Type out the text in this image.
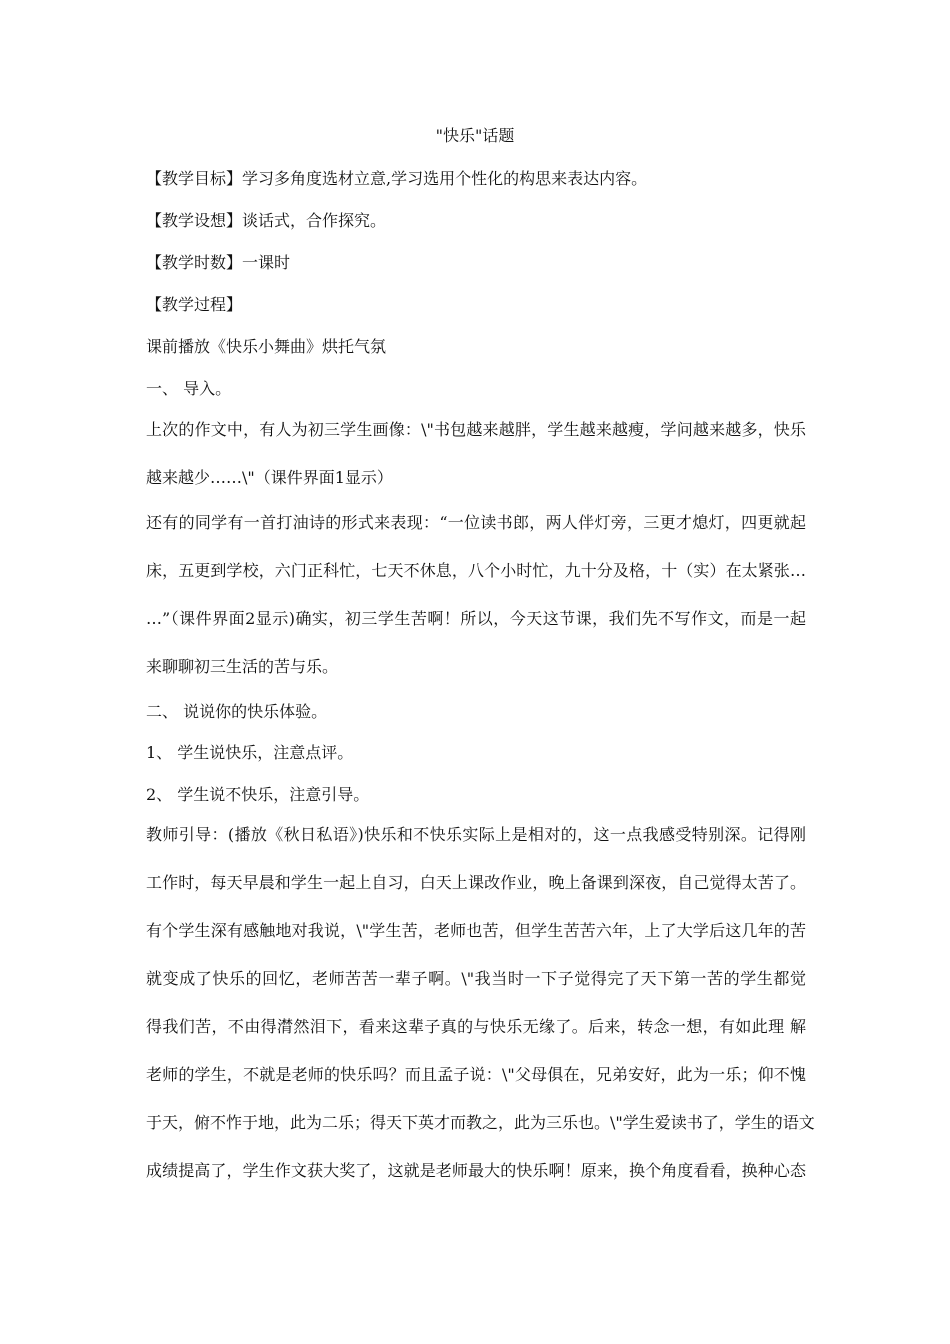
"快乐"话题
【教学目标】学习多角度选材立意,学习选用个性化的构思来表达内容。
【教学设想】谈话式，合作探究。
【教学时数】一课时
【教学过程】
课前播放《快乐小舞曲》烘托气氛
一、 导入。
上次的作文中，有人为初三学生画像：\"书包越来越胖，学生越来越瘦，学问越来越多，快乐
越来越少……\"（课件界面1显示）
还有的同学有一首打油诗的形式来表现：“一位读书郎，两人伴灯旁，三更才熄灯，四更就起
床，五更到学校，六门正科忙，七天不休息，八个小时忙，九十分及格，十（实）在太紧张…
…”（课件界面2显示)确实，初三学生苦啊！所以，今天这节课，我们先不写作文，而是一起
来聊聊初三生活的苦与乐。
二、 说说你的快乐体验。
1、 学生说快乐，注意点评。
2、 学生说不快乐，注意引导。
教师引导：(播放《秋日私语》)快乐和不快乐实际上是相对的，这一点我感受特别深。记得刚
工作时，每天早晨和学生一起上自习，白天上课改作业，晚上备课到深夜，自己觉得太苦了。
有个学生深有感触地对我说，\"学生苦，老师也苦，但学生苦苦六年，上了大学后这几年的苦
就变成了快乐的回忆，老师苦苦一辈子啊。\"我当时一下子觉得完了天下第一苦的学生都觉
得我们苦，不由得潸然泪下，看来这辈子真的与快乐无缘了。后来，转念一想，有如此理 解
老师的学生，不就是老师的快乐吗？而且孟子说：\"父母俱在，兄弟安好，此为一乐；仰不愧
于天，俯不怍于地，此为二乐；得天下英才而教之，此为三乐也。\"学生爱读书了，学生的语文
成绩提高了，学生作文获大奖了，这就是老师最大的快乐啊！原来，换个角度看看，换种心态
